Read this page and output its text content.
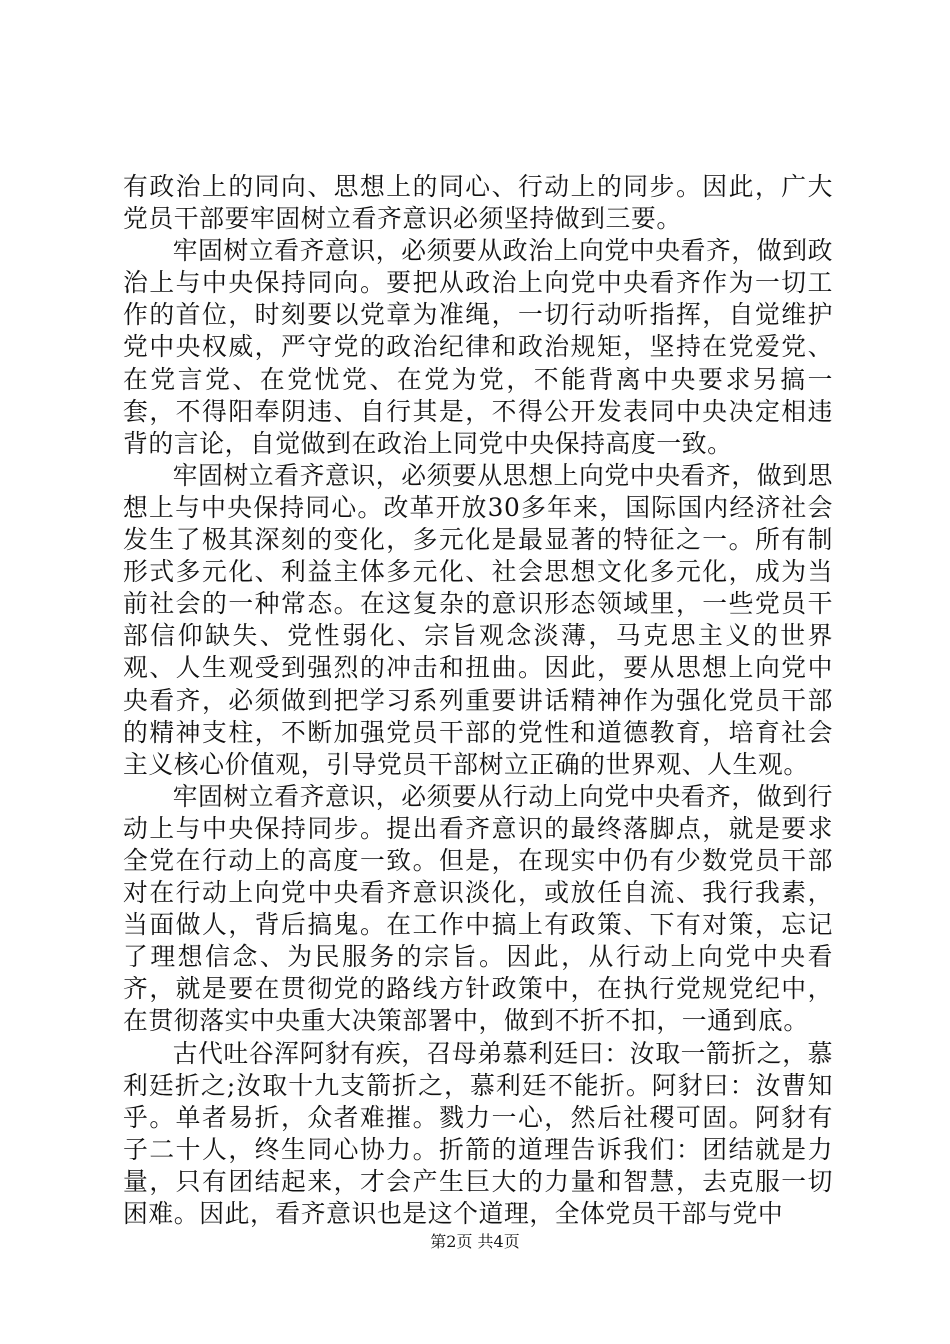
有政治上的同向、思想上的同心、行动上的同步。因此，广大党员干部要牢固树立看齐意识必须坚持做到三要。

牢固树立看齐意识，必须要从政治上向党中央看齐，做到政治上与中央保持同向。要把从政治上向党中央看齐作为一切工作的首位，时刻要以党章为准绳，一切行动听指挥，自觉维护党中央权威，严守党的政治纪律和政治规矩，坚持在党爱党、在党言党、在党忧党、在党为党，不能背离中央要求另搞一套，不得阳奉阴违、自行其是，不得公开发表同中央决定相违背的言论，自觉做到在政治上同党中央保持高度一致。

牢固树立看齐意识，必须要从思想上向党中央看齐，做到思想上与中央保持同心。改革开放30多年来，国际国内经济社会发生了极其深刻的变化，多元化是最显著的特征之一。所有制形式多元化、利益主体多元化、社会思想文化多元化，成为当前社会的一种常态。在这复杂的意识形态领域里，一些党员干部信仰缺失、党性弱化、宗旨观念淡薄，马克思主义的世界观、人生观受到强烈的冲击和扭曲。因此，要从思想上向党中央看齐，必须做到把学习系列重要讲话精神作为强化党员干部的精神支柱，不断加强党员干部的党性和道德教育，培育社会主义核心价值观，引导党员干部树立正确的世界观、人生观。

牢固树立看齐意识，必须要从行动上向党中央看齐，做到行动上与中央保持同步。提出看齐意识的最终落脚点，就是要求全党在行动上的高度一致。但是，在现实中仍有少数党员干部对在行动上向党中央看齐意识淡化，或放任自流、我行我素，当面做人，背后搞鬼。在工作中搞上有政策、下有对策，忘记了理想信念、为民服务的宗旨。因此，从行动上向党中央看齐，就是要在贯彻党的路线方针政策中，在执行党规党纪中，在贯彻落实中央重大决策部署中，做到不折不扣，一通到底。

古代吐谷浑阿豺有疾，召母弟慕利廷曰：汝取一箭折之，慕利廷折之;汝取十九支箭折之，慕利廷不能折。阿豺曰：汝曹知乎。单者易折，众者难摧。戮力一心，然后社稷可固。阿豺有子二十人，终生同心协力。折箭的道理告诉我们：团结就是力量，只有团结起来，才会产生巨大的力量和智慧，去克服一切困难。因此，看齐意识也是这个道理，全体党员干部与党中

第2页 共4页
